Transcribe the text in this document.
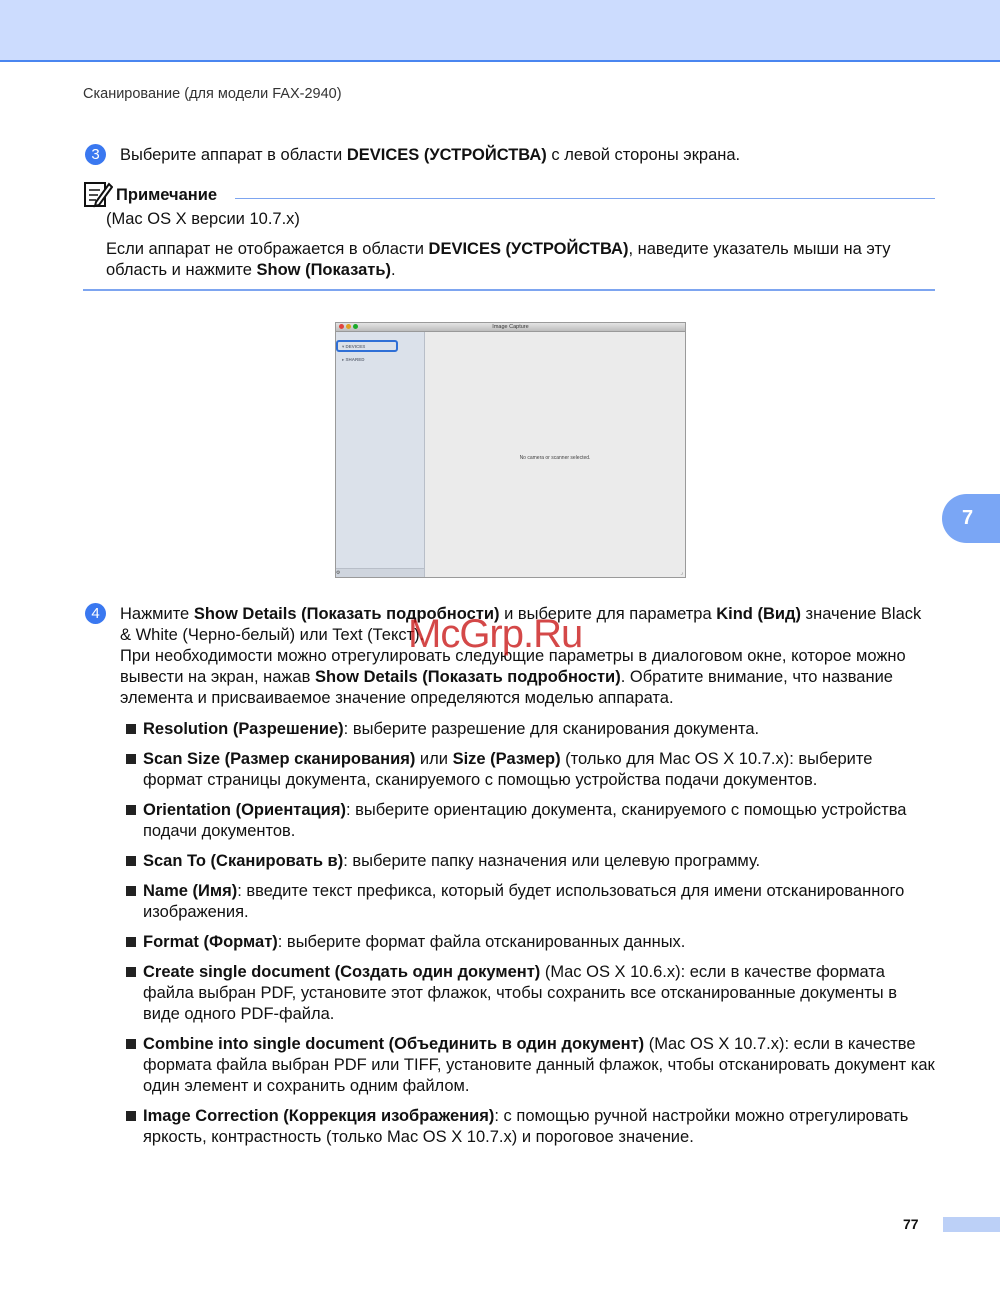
Сканирование (для модели FAX-2940)
3	Выберите аппарат в области DEVICES (УСТРОЙСТВА) с левой стороны экрана.
Примечание
(Mac OS X версии 10.7.x)
Если аппарат не отображается в области DEVICES (УСТРОЙСТВА), наведите указатель мыши на эту область и нажмите Show (Показать).
Image Capture
▾ DEVICES
▸ SHARED
⚙
No camera or scanner selected.
⌟
4	Нажмите Show Details (Показать подробности) и выберите для параметра Kind (Вид) значение Black & White (Черно-белый) или Text (Текст).
При необходимости можно отрегулировать следующие параметры в диалоговом окне, которое можно вывести на экран, нажав Show Details (Показать подробности). Обратите внимание, что название элемента и присваиваемое значение определяются моделью аппарата.
Resolution (Разрешение): выберите разрешение для сканирования документа.
Scan Size (Размер сканирования) или Size (Размер) (только для Mac OS X 10.7.x): выберите формат страницы документа, сканируемого с помощью устройства подачи документов.
Orientation (Ориентация): выберите ориентацию документа, сканируемого с помощью устройства подачи документов.
Scan To (Сканировать в): выберите папку назначения или целевую программу.
Name (Имя): введите текст префикса, который будет использоваться для имени отсканированного изображения.
Format (Формат): выберите формат файла отсканированных данных.
Create single document (Создать один документ) (Mac OS X 10.6.x): если в качестве формата файла выбран PDF, установите этот флажок, чтобы сохранить все отсканированные документы в виде одного PDF-файла.
Combine into single document (Объединить в один документ) (Mac OS X 10.7.x): если в качестве формата файла выбран PDF или TIFF, установите данный флажок, чтобы отсканировать документ как один элемент и сохранить одним файлом.
Image Correction (Коррекция изображения): с помощью ручной настройки можно отрегулировать яркость, контрастность (только Mac OS X 10.7.x) и пороговое значение.
7
77
McGrp.Ru
